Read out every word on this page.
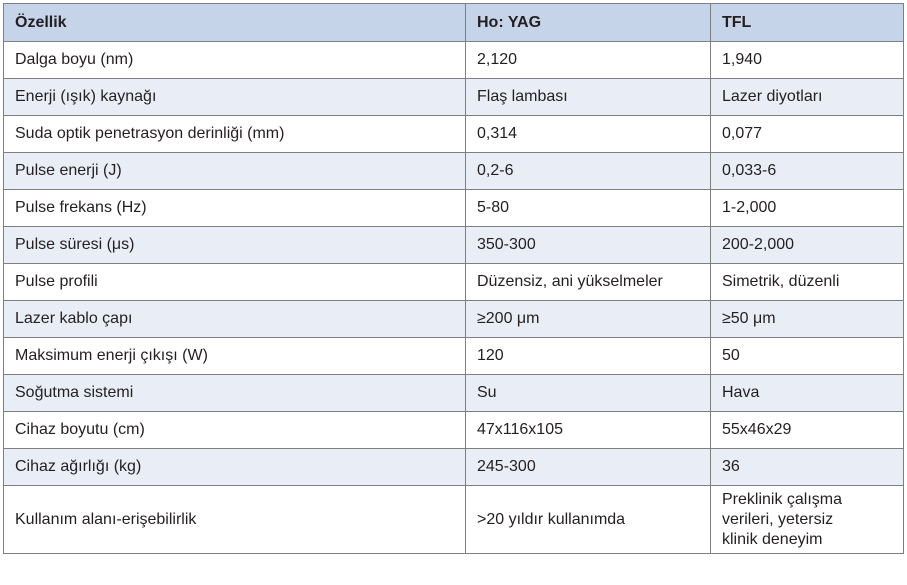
Özellik	Ho: YAG	TFL
Dalga boyu (nm)	2,120	1,940
Enerji (ışık) kaynağı	Flaş lambası	Lazer diyotları
Suda optik penetrasyon derinliği (mm)	0,314	0,077
Pulse enerji (J)	0,2-6	0,033-6
Pulse frekans (Hz)	5-80	1-2,000
Pulse süresi (μs)	350-300	200-2,000
Pulse profili	Düzensiz, ani yükselmeler	Simetrik, düzenli
Lazer kablo çapı	≥200 μm	≥50 μm
Maksimum enerji çıkışı (W)	120	50
Soğutma sistemi	Su	Hava
Cihaz boyutu (cm)	47x116x105	55x46x29
Cihaz ağırlığı (kg)	245-300	36
Kullanım alanı-erişebilirlik	>20 yıldır kullanımda	Preklinik çalışma
verileri, yetersiz
klinik deneyim
